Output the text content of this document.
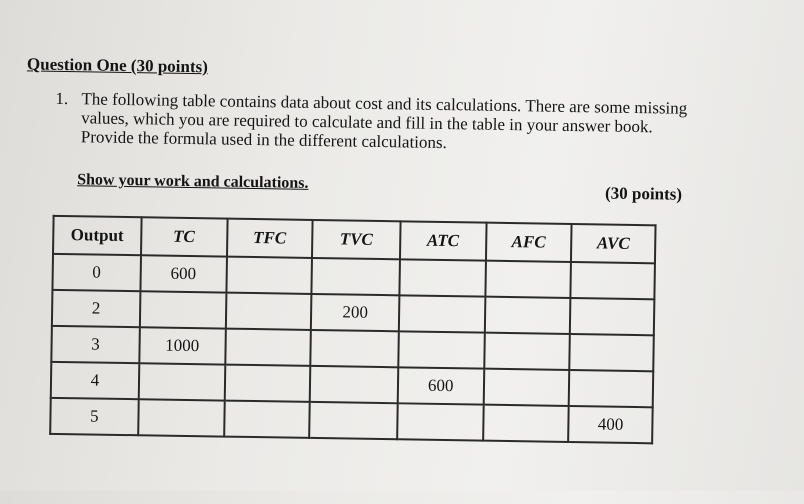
Question One (30 points)
1. The following table contains data about cost and its calculations. There are some missing values, which you are required to calculate and fill in the table in your answer book. Provide the formula used in the different calculations.
Show your work and calculations.
(30 points)
Output	TC	TFC	TVC	ATC	AFC	AVC
0	600					
2			200			
3	1000					
4				600		
5						400
